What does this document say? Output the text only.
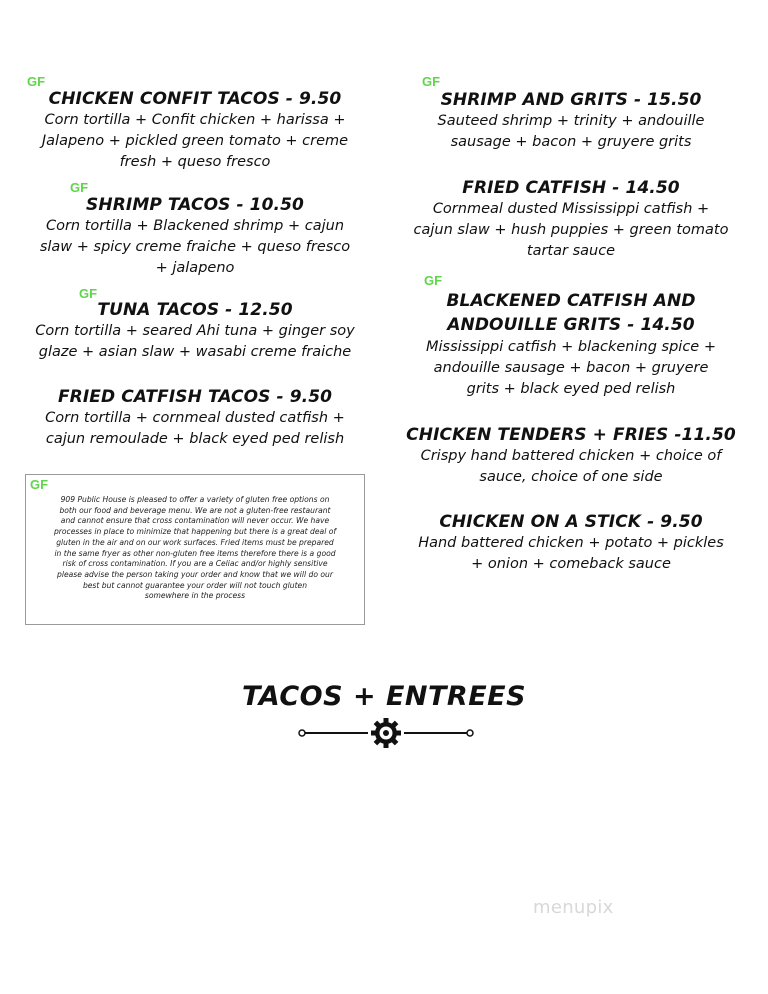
GF
CHICKEN CONFIT TACOS - 9.50
Corn tortilla + Confit chicken + harissa +
Jalapeno + pickled green tomato + creme
fresh + queso fresco
GF
SHRIMP TACOS - 10.50
Corn tortilla + Blackened shrimp + cajun
slaw + spicy creme fraiche + queso fresco
+ jalapeno
GF
TUNA TACOS - 12.50
Corn tortilla + seared Ahi tuna + ginger soy
glaze + asian slaw + wasabi creme fraiche
FRIED CATFISH TACOS - 9.50
Corn tortilla + cornmeal dusted catfish +
cajun remoulade + black eyed ped relish
GF
909 Public House is pleased to offer a variety of gluten free options on
both our food and beverage menu. We are not a gluten-free restaurant
and cannot ensure that cross contamination will never occur. We have
processes in place to minimize that happening but there is a great deal of
gluten in the air and on our work surfaces. Fried items must be prepared
in the same fryer as other non-gluten free items therefore there is a good
risk of cross contamination. If you are a Celiac and/or highly sensitive
please advise the person taking your order and know that we will do our
best but cannot guarantee your order will not touch gluten
somewhere in the process
GF
SHRIMP AND GRITS - 15.50
Sauteed shrimp + trinity + andouille
sausage + bacon + gruyere grits
FRIED CATFISH - 14.50
Cornmeal dusted Mississippi catfish +
cajun slaw + hush puppies + green tomato
tartar sauce
GF
BLACKENED CATFISH AND
ANDOUILLE GRITS - 14.50
Mississippi catfish + blackening spice +
andouille sausage + bacon + gruyere
grits + black eyed ped relish
CHICKEN TENDERS + FRIES -11.50
Crispy hand battered chicken + choice of
sauce, choice of one side
CHICKEN ON A STICK - 9.50
Hand battered chicken + potato + pickles
+ onion + comeback sauce
TACOS + ENTREES
menupix
